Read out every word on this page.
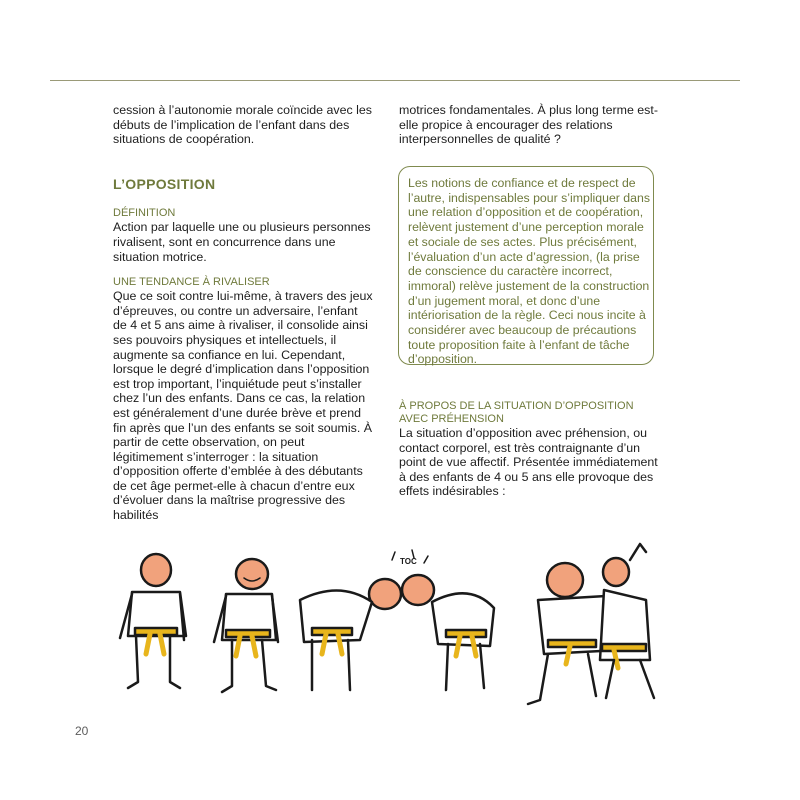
cession à l’autonomie morale coïncide avec les débuts de l’implication de l’enfant dans des situations de coopération.

L’OPPOSITION
DÉFINITION

Action par laquelle une ou plusieurs personnes rivalisent, sont en concurrence dans une situation motrice.

UNE TENDANCE À RIVALISER

Que ce soit contre lui-même, à travers des jeux d’épreuves, ou contre un adversaire, l’enfant de 4 et 5 ans aime à rivaliser, il consolide ainsi ses pouvoirs physiques et intellectuels, il augmente sa confiance en lui. Cependant, lorsque le degré d’implication dans l’opposition est trop important, l’inquiétude peut s’installer chez l’un des enfants. Dans ce cas, la relation est généralement d’une durée brève et prend fin après que l’un des enfants se soit soumis. À partir de cette observation, on peut légitimement s’interroger : la situation d’opposition offerte d’emblée à des débutants de cet âge permet-elle à chacun d’entre eux d’évoluer dans la maîtrise progressive des habilités

motrices fondamentales. À plus long terme est-elle propice à encourager des relations interpersonnelles de qualité ?

Les notions de confiance et de respect de l’autre, indispensables pour s’impliquer dans une relation d’opposition et de coopération, relèvent justement d’une perception morale et sociale de ses actes. Plus précisément, l’évaluation d’un acte d’agression, (la prise de conscience du caractère incorrect, immoral) relève justement de la construction d’un jugement moral, et donc d’une intériorisation de la règle. Ceci nous incite à considérer avec beaucoup de précautions toute proposition faite à l’enfant de tâche d’opposition.

À PROPOS DE LA SITUATION D’OPPOSITION AVEC PRÉHENSION

La situation d’opposition avec préhension, ou contact corporel, est très contraignante d’un point de vue affectif. Présentée immédiatement à des enfants de 4 ou 5 ans elle provoque des effets indésirables :

TOC
20
